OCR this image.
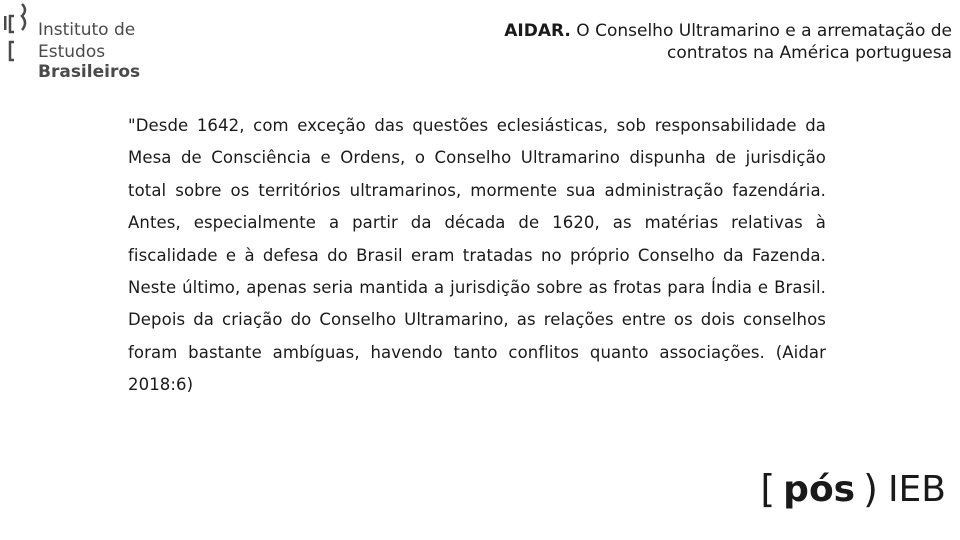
Instituto de
Estudos Brasileiros
AIDAR. O Conselho Ultramarino e a arrematação de
contratos na América portuguesa
"Desde 1642, com exceção das questões eclesiásticas, sob responsabilidade da Mesa de Consciência e Ordens, o Conselho Ultramarino dispunha de jurisdição total sobre os territórios ultramarinos, mormente sua administração fazendária. Antes, especialmente a partir da década de 1620, as matérias relativas à fiscalidade e à defesa do Brasil eram tratadas no próprio Conselho da Fazenda. Neste último, apenas seria mantida a jurisdição sobre as frotas para Índia e Brasil. Depois da criação do Conselho Ultramarino, as relações entre os dois conselhos foram bastante ambíguas, havendo tanto conflitos quanto associações. (Aidar 2018:6)
[ pós ) IEB
